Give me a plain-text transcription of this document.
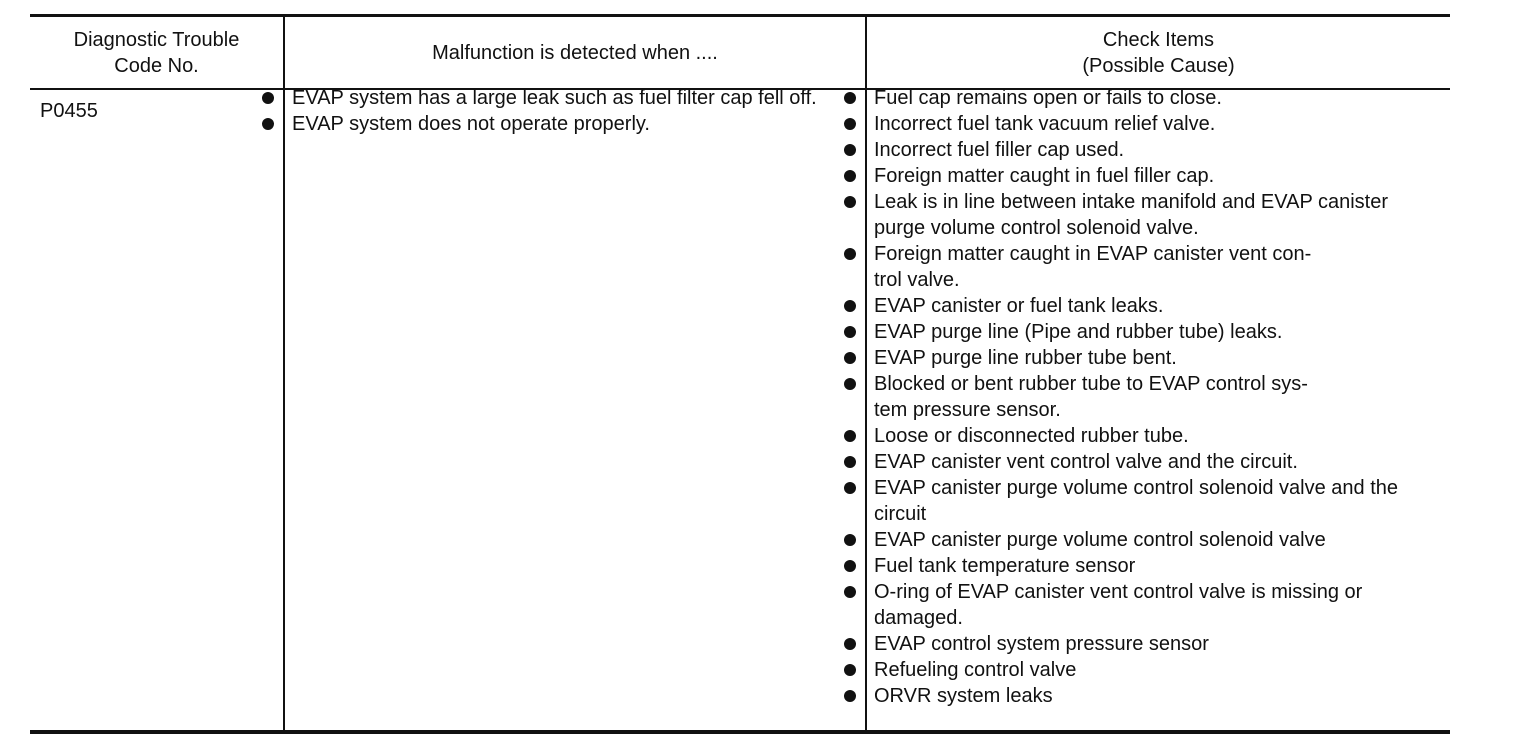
Diagnostic Trouble
Code No.
Malfunction is detected when ....
Check Items
(Possible Cause)
P0455
EVAP system has a large leak such as fuel filter cap fell off.
EVAP system does not operate properly.
Fuel cap remains open or fails to close.
Incorrect fuel tank vacuum relief valve.
Incorrect fuel filler cap used.
Foreign matter caught in fuel filler cap.
Leak is in line between intake manifold and EVAP canister purge volume control solenoid valve.
Foreign matter caught in EVAP canister vent con-
trol valve.
EVAP canister or fuel tank leaks.
EVAP purge line (Pipe and rubber tube) leaks.
EVAP purge line rubber tube bent.
Blocked or bent rubber tube to EVAP control sys-
tem pressure sensor.
Loose or disconnected rubber tube.
EVAP canister vent control valve and the circuit.
EVAP canister purge volume control solenoid valve and the circuit
EVAP canister purge volume control solenoid valve
Fuel tank temperature sensor
O-ring of EVAP canister vent control valve is missing or damaged.
EVAP control system pressure sensor
Refueling control valve
ORVR system leaks
